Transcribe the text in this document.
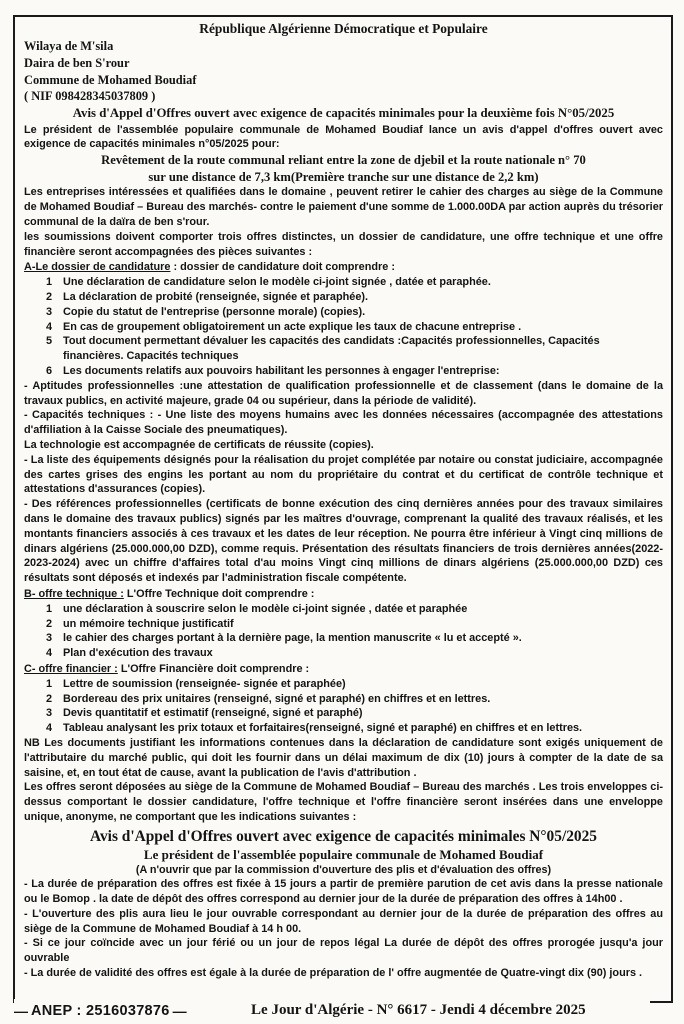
République Algérienne Démocratique et Populaire
Wilaya de M'sila
Daira de ben S'rour
Commune de Mohamed Boudiaf
( NIF 098428345037809 )
Avis d'Appel d'Offres ouvert avec exigence de capacités minimales pour la deuxième fois N°05/2025
Le président de l'assemblée populaire communale de Mohamed Boudiaf lance un avis d'appel d'offres ouvert avec exigence de capacités minimales n°05/2025 pour:
Revêtement de la route communal reliant entre la zone de djebil et la route nationale n° 70
sur une distance de 7,3 km(Première tranche sur une distance de 2,2 km)
Les entreprises intéressées et qualifiées dans le domaine , peuvent retirer le cahier des charges au siège de la Commune de Mohamed Boudiaf – Bureau des marchés- contre le paiement d'une somme de 1.000.00DA par action auprès du trésorier communal de la daïra de ben s'rour.
les soumissions doivent comporter trois offres distinctes, un dossier de candidature, une offre technique et une offre financière seront accompagnées des pièces suivantes :
A-Le dossier de candidature : dossier de candidature doit comprendre :
1	Une déclaration de candidature selon le modèle ci-joint signée , datée et paraphée.
2	La déclaration de probité (renseignée, signée et paraphée).
3	Copie du statut de l'entreprise (personne morale) (copies).
4	En cas de groupement obligatoirement un acte explique les taux de chacune entreprise .
5	Tout document permettant dévaluer les capacités des candidats :Capacités professionnelles, Capacités financières. Capacités techniques
6	Les documents relatifs aux pouvoirs habilitant les personnes à engager l'entreprise:
- Aptitudes professionnelles :une attestation de qualification professionnelle et de classement (dans le domaine de la travaux publics, en activité majeure, grade 04 ou supérieur, dans la période de validité).
- Capacités techniques : - Une liste des moyens humains avec les données nécessaires (accompagnée des attestations d'affiliation à la Caisse Sociale des pneumatiques).
La technologie est accompagnée de certificats de réussite (copies).
- La liste des équipements désignés pour la réalisation du projet complétée par notaire ou constat judiciaire, accompagnée des cartes grises des engins les portant au nom du propriétaire du contrat et du certificat de contrôle technique et attestations d'assurances (copies).
- Des références professionnelles (certificats de bonne exécution des cinq dernières années pour des travaux similaires dans le domaine des travaux publics) signés par les maîtres d'ouvrage, comprenant la qualité des travaux réalisés, et les montants financiers associés à ces travaux et les dates de leur réception. Ne pourra être inférieur à Vingt cinq millions de dinars algériens (25.000.000,00 DZD), comme requis. Présentation des résultats financiers de trois dernières années(2022-2023-2024) avec un chiffre d'affaires total d'au moins Vingt cinq millions de dinars algériens (25.000.000,00 DZD) ces résultats sont déposés et indexés par l'administration fiscale compétente.
B- offre technique : L'Offre Technique doit comprendre :
1	une déclaration à souscrire selon le modèle ci-joint signée , datée et paraphée
2	un mémoire technique justificatif
3	le cahier des charges portant à la dernière page, la mention manuscrite « lu et accepté ».
4	Plan d'exécution des travaux
C- offre financier : L'Offre Financière doit comprendre :
1	Lettre de soumission (renseignée- signée et paraphée)
2	Bordereau des prix unitaires (renseigné, signé et paraphé) en chiffres et en lettres.
3	Devis quantitatif et estimatif (renseigné, signé et paraphé)
4	Tableau analysant les prix totaux et forfaitaires(renseigné, signé et paraphé) en chiffres et en lettres.
NB Les documents justifiant les informations contenues dans la déclaration de candidature sont exigés uniquement de l'attributaire du marché public, qui doit les fournir dans un délai maximum de dix (10) jours à compter de la date de sa saisine, et, en tout état de cause, avant la publication de l'avis d'attribution .
Les offres seront déposées au siège de la Commune de Mohamed Boudiaf – Bureau des marchés . Les trois enveloppes ci-dessus comportant le dossier candidature, l'offre technique et l'offre financière seront insérées dans une enveloppe unique, anonyme, ne comportant que les indications suivantes :
Avis d'Appel d'Offres ouvert avec exigence de capacités minimales N°05/2025
Le président de l'assemblée populaire communale de Mohamed Boudiaf
(A n'ouvrir que par la commission d'ouverture des plis et d'évaluation des offres)
- La durée de préparation des offres est fixée à 15 jours a partir de première parution de cet avis dans la presse nationale ou le Bomop . la date de dépôt des offres correspond au dernier jour de la durée de préparation des offres à 14h00 .
- L'ouverture des plis aura lieu le jour ouvrable correspondant au dernier jour de la durée de préparation des offres au siège de la Commune de Mohamed Boudiaf à 14 h 00.
- Si ce jour coïncide avec un jour férié ou un jour de repos légal La durée de dépôt des offres prorogée jusqu'a jour ouvrable
- La durée de validité des offres est égale à la durée de préparation de l' offre augmentée de Quatre-vingt dix (90) jours .
— ANEP : 2516037876 —	Le Jour d'Algérie - N° 6617 - Jendi 4 décembre 2025
